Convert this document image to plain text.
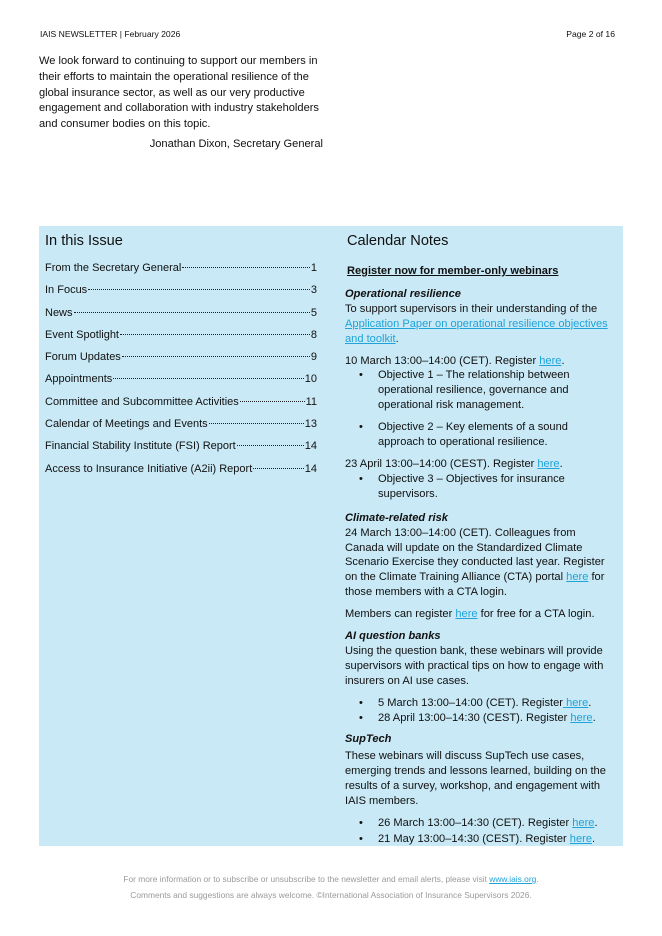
IAIS NEWSLETTER | February 2026	Page 2 of 16

We look forward to continuing to support our members in their efforts to maintain the operational resilience of the global insurance sector, as well as our very productive engagement and collaboration with industry stakeholders and consumer bodies on this topic.

Jonathan Dixon, Secretary General

In this Issue
From the Secretary General	1
In Focus	3
News	5
Event Spotlight	8
Forum Updates	9
Appointments	10
Committee and Subcommittee Activities	11
Calendar of Meetings and Events	13
Financial Stability Institute (FSI) Report	14
Access to Insurance Initiative (A2ii) Report	14
Calendar Notes
Register now for member-only webinars
Operational resilience
To support supervisors in their understanding of the Application Paper on operational resilience objectives and toolkit.
10 March 13:00–14:00 (CET). Register here.
• Objective 1 – The relationship between operational resilience, governance and operational risk management.
• Objective 2 – Key elements of a sound approach to operational resilience.
23 April 13:00–14:00 (CEST). Register here.
• Objective 3 – Objectives for insurance supervisors.
Climate-related risk
24 March 13:00–14:00 (CET). Colleagues from Canada will update on the Standardized Climate Scenario Exercise they conducted last year. Register on the Climate Training Alliance (CTA) portal here for those members with a CTA login.
Members can register here for free for a CTA login.
AI question banks
Using the question bank, these webinars will provide supervisors with practical tips on how to engage with insurers on AI use cases.
• 5 March 13:00–14:00 (CET). Register here.
• 28 April 13:00–14:30 (CEST). Register here.
SupTech
These webinars will discuss SupTech use cases, emerging trends and lessons learned, building on the results of a survey, workshop, and engagement with IAIS members.
• 26 March 13:00–14:30 (CET). Register here.
• 21 May 13:00–14:30 (CEST). Register here.
For more information or to subscribe or unsubscribe to the newsletter and email alerts, please visit www.iais.org.
Comments and suggestions are always welcome. ©International Association of Insurance Supervisors 2026.
